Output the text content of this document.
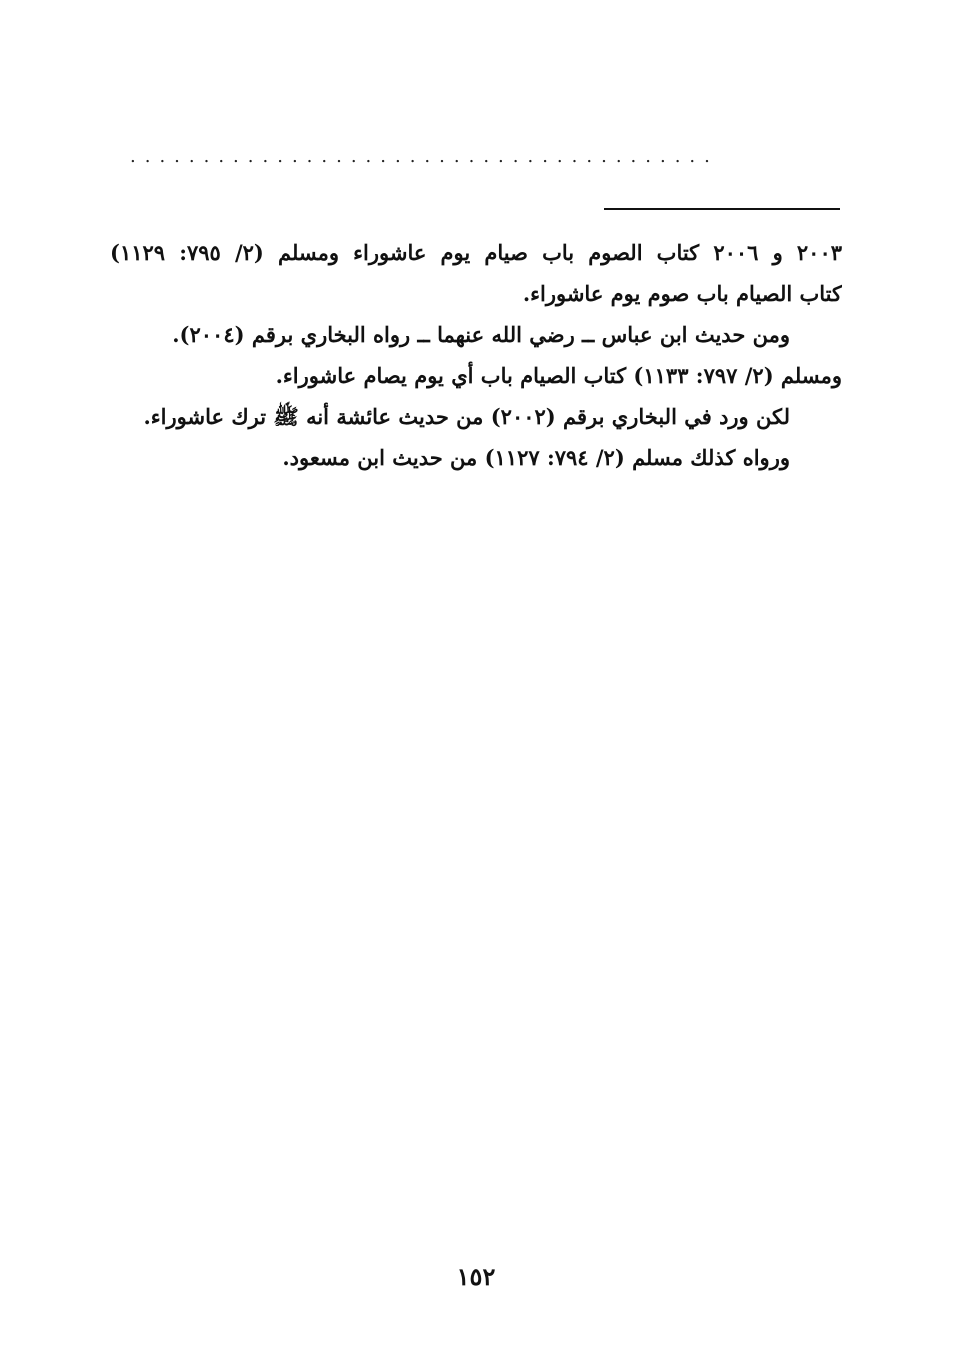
........................................
٢٠٠٣ و ٢٠٠٦ كتاب الصوم باب صيام يوم عاشوراء ومسلم (٢/ ٧٩٥: ١١٢٩)
كتاب الصيام باب صوم يوم عاشوراء.
ومن حديث ابن عباس ــ رضي الله عنهما ــ رواه البخاري برقم (٢٠٠٤).
ومسلم (٢/ ٧٩٧: ١١٣٣) كتاب الصيام باب أي يوم يصام عاشوراء.
لكن ورد في البخاري برقم (٢٠٠٢) من حديث عائشة أنه ﷺ ترك عاشوراء.
ورواه كذلك مسلم (٢/ ٧٩٤: ١١٢٧) من حديث ابن مسعود.
١٥٢
